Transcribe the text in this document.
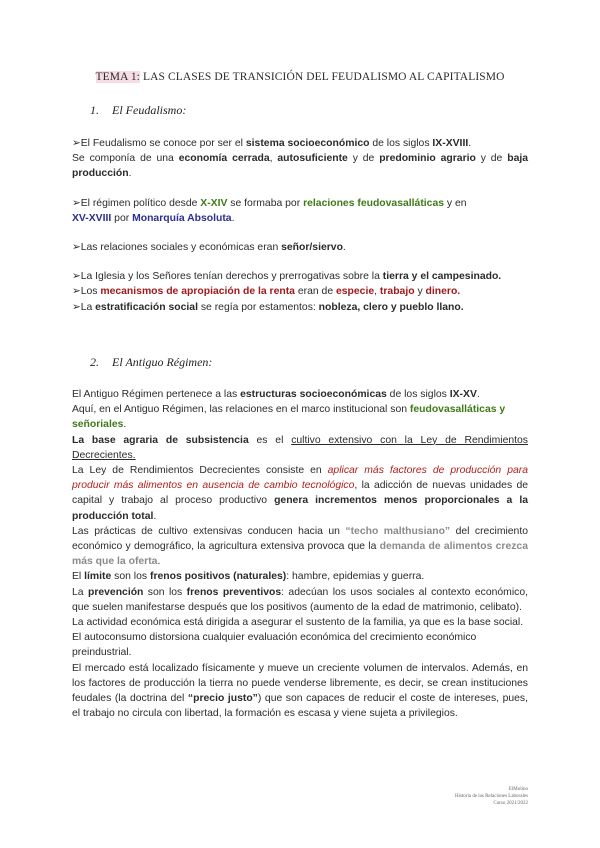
TEMA 1: LAS CLASES DE TRANSICIÓN DEL FEUDALISMO AL CAPITALISMO
1. El Feudalismo:

➢El Feudalismo se conoce por ser el sistema socioeconómico de los siglos IX-XVIII.

Se componía de una economía cerrada, autosuficiente y de predominio agrario y de baja producción.

➢El régimen político desde X-XIV se formaba por relaciones feudovasalláticas y en
XV-XVIII por Monarquía Absoluta.

➢Las relaciones sociales y económicas eran señor/siervo.

➢La Iglesia y los Señores tenían derechos y prerrogativas sobre la tierra y el campesinado.

➢Los mecanismos de apropiación de la renta eran de especie, trabajo y dinero.

➢La estratificación social se regía por estamentos: nobleza, clero y pueblo llano.

2. El Antiguo Régimen:

El Antiguo Régimen pertenece a las estructuras socioeconómicas de los siglos IX-XV.

Aquí, en el Antiguo Régimen, las relaciones en el marco institucional son feudovasalláticas y señoriales.

La base agraria de subsistencia es el cultivo extensivo con la Ley de Rendimientos Decrecientes.

La Ley de Rendimientos Decrecientes consiste en aplicar más factores de producción para producir más alimentos en ausencia de cambio tecnológico, la adicción de nuevas unidades de capital y trabajo al proceso productivo genera incrementos menos proporcionales a la producción total.

Las prácticas de cultivo extensivas conducen hacia un “techo malthusiano” del crecimiento económico y demográfico, la agricultura extensiva provoca que la demanda de alimentos crezca más que la oferta.

El límite son los frenos positivos (naturales): hambre, epidemias y guerra.

La prevención son los frenos preventivos: adecúan los usos sociales al contexto económico, que suelen manifestarse después que los positivos (aumento de la edad de matrimonio, celibato).

La actividad económica está dirigida a asegurar el sustento de la familia, ya que es la base social.

El autoconsumo distorsiona cualquier evaluación económica del crecimiento económico preindustrial.

El mercado está localizado físicamente y mueve un creciente volumen de intervalos. Además, en los factores de producción la tierra no puede venderse libremente, es decir, se crean instituciones feudales (la doctrina del “precio justo”) que son capaces de reducir el coste de intereses, pues, el trabajo no circula con libertad, la formación es escasa y viene sujeta a privilegios.

ElMolino
Historia de las Relaciones Laborales
Curso 2021/2022
